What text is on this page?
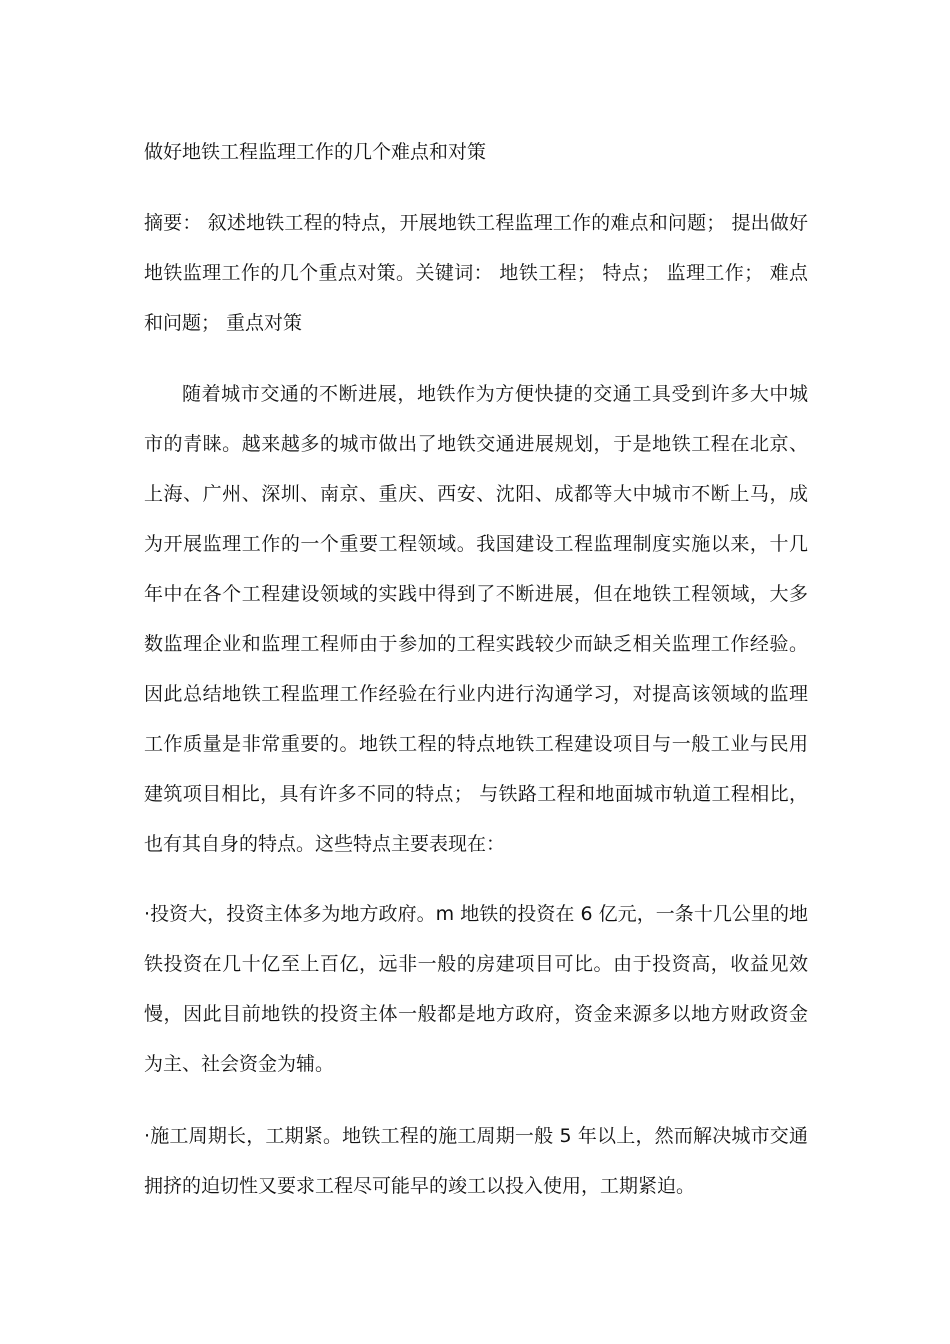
做好地铁工程监理工作的几个难点和对策
摘要： 叙述地铁工程的特点，开展地铁工程监理工作的难点和问题； 提出做好
地铁监理工作的几个重点对策。关键词： 地铁工程； 特点； 监理工作； 难点
和问题； 重点对策
随着城市交通的不断进展，地铁作为方便快捷的交通工具受到许多大中城
市的青睐。越来越多的城市做出了地铁交通进展规划，于是地铁工程在北京、
上海、广州、深圳、南京、重庆、西安、沈阳、成都等大中城市不断上马，成
为开展监理工作的一个重要工程领域。我国建设工程监理制度实施以来，十几
年中在各个工程建设领域的实践中得到了不断进展，但在地铁工程领域，大多
数监理企业和监理工程师由于参加的工程实践较少而缺乏相关监理工作经验。
因此总结地铁工程监理工作经验在行业内进行沟通学习，对提高该领域的监理
工作质量是非常重要的。地铁工程的特点地铁工程建设项目与一般工业与民用
建筑项目相比，具有许多不同的特点； 与铁路工程和地面城市轨道工程相比，
也有其自身的特点。这些特点主要表现在：
·投资大，投资主体多为地方政府。m 地铁的投资在 6 亿元，一条十几公里的地
铁投资在几十亿至上百亿，远非一般的房建项目可比。由于投资高，收益见效
慢，因此目前地铁的投资主体一般都是地方政府，资金来源多以地方财政资金
为主、社会资金为辅。
·施工周期长，工期紧。地铁工程的施工周期一般 5 年以上，然而解决城市交通
拥挤的迫切性又要求工程尽可能早的竣工以投入使用，工期紧迫。
